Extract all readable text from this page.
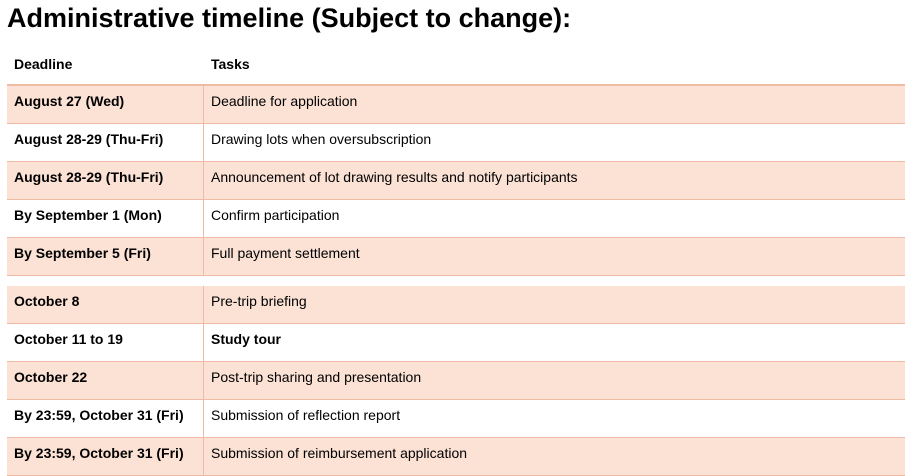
Administrative timeline (Subject to change):
Deadline	Tasks
August 27 (Wed)	Deadline for application
August 28-29 (Thu-Fri)	Drawing lots when oversubscription
August 28-29 (Thu-Fri)	Announcement of lot drawing results and notify participants
By September 1 (Mon)	Confirm participation
By September 5 (Fri)	Full payment settlement
October 8	Pre-trip briefing
October 11 to 19	Study tour
October 22	Post-trip sharing and presentation
By 23:59, October 31 (Fri)	Submission of reflection report
By 23:59, October 31 (Fri)	Submission of reimbursement application
